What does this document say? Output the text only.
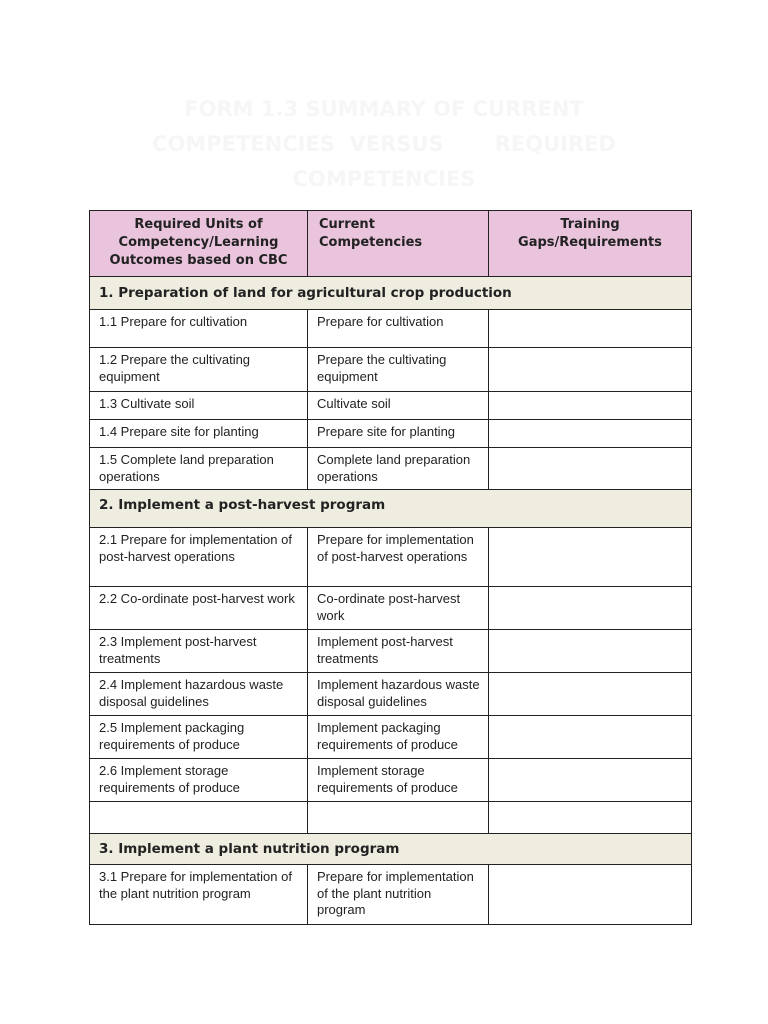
FORM 1.3 SUMMARY OF CURRENT
COMPETENCIES  VERSUS       REQUIRED
COMPETENCIES
Required Units of Competency/Learning Outcomes based on CBC	Current Competencies	Training Gaps/Requirements
1. Preparation of land for agricultural crop production		
1.1 Prepare for cultivation	Prepare for cultivation	
1.2 Prepare the cultivating equipment	Prepare the cultivating equipment	
1.3 Cultivate soil	Cultivate soil	
1.4 Prepare site for planting	Prepare site for planting	
1.5 Complete land preparation operations	Complete land preparation operations	
2. Implement a post-harvest program		
2.1 Prepare for implementation of post-harvest operations	Prepare for implementation of post-harvest operations	
2.2 Co-ordinate post-harvest work	Co-ordinate post-harvest work	
2.3 Implement post-harvest treatments	Implement post-harvest treatments	
2.4 Implement hazardous waste disposal guidelines	Implement hazardous waste disposal guidelines	
2.5 Implement packaging requirements of produce	Implement packaging requirements of produce	
2.6 Implement storage requirements of produce	Implement storage requirements of produce	

3. Implement a plant nutrition program		
3.1 Prepare for implementation of the plant nutrition program	Prepare for implementation of the plant nutrition program	
